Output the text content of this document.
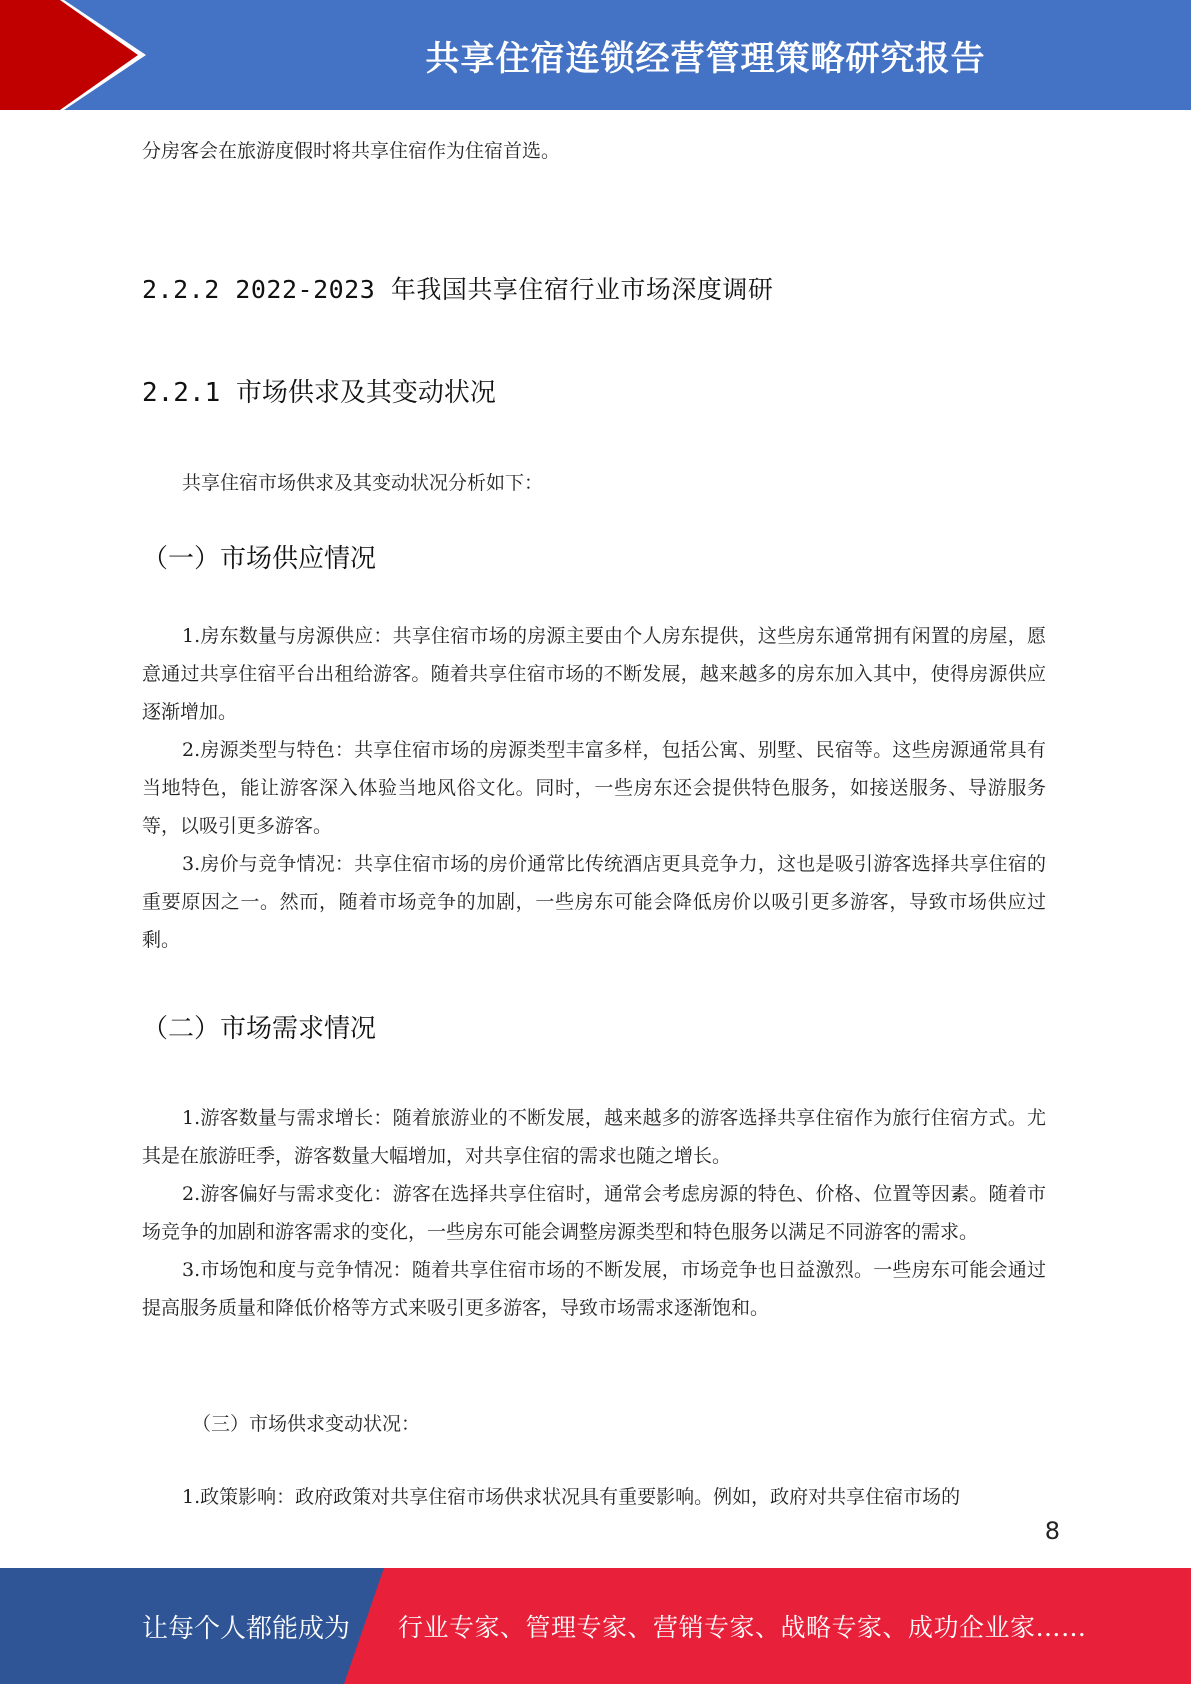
共享住宿连锁经营管理策略研究报告
分房客会在旅游度假时将共享住宿作为住宿首选。
2.2.2 2022-2023 年我国共享住宿行业市场深度调研
2.2.1 市场供求及其变动状况
共享住宿市场供求及其变动状况分析如下：
（一）市场供应情况
1.房东数量与房源供应：共享住宿市场的房源主要由个人房东提供，这些房东通常拥有闲置的房屋，愿意通过共享住宿平台出租给游客。随着共享住宿市场的不断发展，越来越多的房东加入其中，使得房源供应逐渐增加。
2.房源类型与特色：共享住宿市场的房源类型丰富多样，包括公寓、别墅、民宿等。这些房源通常具有当地特色，能让游客深入体验当地风俗文化。同时，一些房东还会提供特色服务，如接送服务、导游服务等，以吸引更多游客。
3.房价与竞争情况：共享住宿市场的房价通常比传统酒店更具竞争力，这也是吸引游客选择共享住宿的重要原因之一。然而，随着市场竞争的加剧，一些房东可能会降低房价以吸引更多游客，导致市场供应过剩。
（二）市场需求情况
1.游客数量与需求增长：随着旅游业的不断发展，越来越多的游客选择共享住宿作为旅行住宿方式。尤其是在旅游旺季，游客数量大幅增加，对共享住宿的需求也随之增长。
2.游客偏好与需求变化：游客在选择共享住宿时，通常会考虑房源的特色、价格、位置等因素。随着市场竞争的加剧和游客需求的变化，一些房东可能会调整房源类型和特色服务以满足不同游客的需求。
3.市场饱和度与竞争情况：随着共享住宿市场的不断发展，市场竞争也日益激烈。一些房东可能会通过提高服务质量和降低价格等方式来吸引更多游客，导致市场需求逐渐饱和。
（三）市场供求变动状况：
1.政策影响：政府政策对共享住宿市场供求状况具有重要影响。例如，政府对共享住宿市场的
8
让每个人都能成为 行业专家、管理专家、营销专家、战略专家、成功企业家……
